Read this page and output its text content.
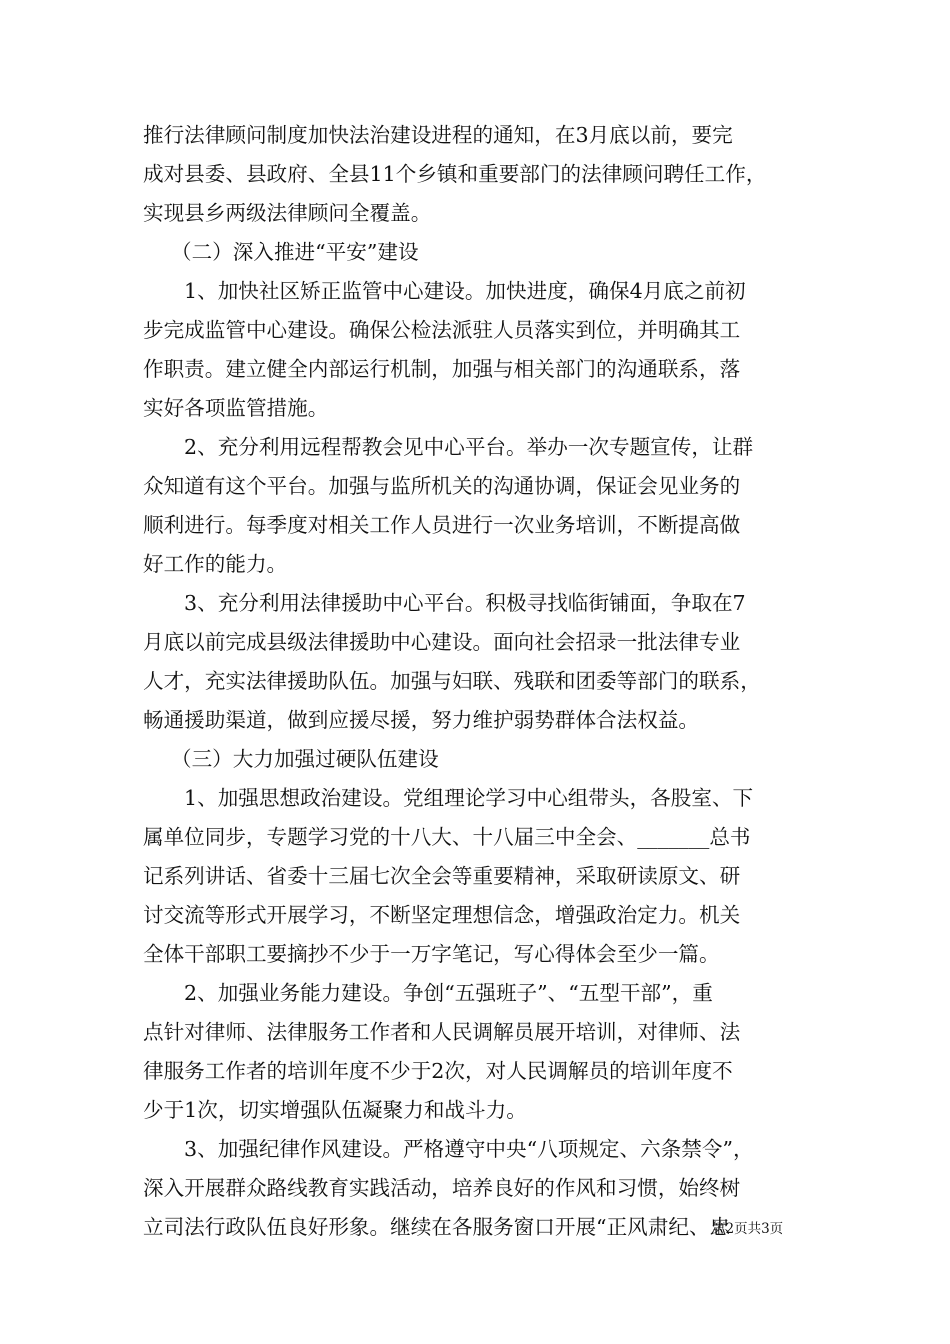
推行法律顾问制度加快法治建设进程的通知，在3月底以前，要完
成对县委、县政府、全县11个乡镇和重要部门的法律顾问聘任工作，
实现县乡两级法律顾问全覆盖。
（二）深入推进“平安”建设
1、加快社区矫正监管中心建设。加快进度，确保4月底之前初
步完成监管中心建设。确保公检法派驻人员落实到位，并明确其工
作职责。建立健全内部运行机制，加强与相关部门的沟通联系，落
实好各项监管措施。
2、充分利用远程帮教会见中心平台。举办一次专题宣传，让群
众知道有这个平台。加强与监所机关的沟通协调，保证会见业务的
顺利进行。每季度对相关工作人员进行一次业务培训，不断提高做
好工作的能力。
3、充分利用法律援助中心平台。积极寻找临街铺面，争取在7
月底以前完成县级法律援助中心建设。面向社会招录一批法律专业
人才，充实法律援助队伍。加强与妇联、残联和团委等部门的联系，
畅通援助渠道，做到应援尽援，努力维护弱势群体合法权益。
（三）大力加强过硬队伍建设
1、加强思想政治建设。党组理论学习中心组带头，各股室、下
属单位同步，专题学习党的十八大、十八届三中全会、_______总书
记系列讲话、省委十三届七次全会等重要精神，采取研读原文、研
讨交流等形式开展学习，不断坚定理想信念，增强政治定力。机关
全体干部职工要摘抄不少于一万字笔记，写心得体会至少一篇。
2、加强业务能力建设。争创“五强班子”、“五型干部”，重
点针对律师、法律服务工作者和人民调解员展开培训，对律师、法
律服务工作者的培训年度不少于2次，对人民调解员的培训年度不
少于1次，切实增强队伍凝聚力和战斗力。
3、加强纪律作风建设。严格遵守中央“八项规定、六条禁令”，
深入开展群众路线教育实践活动，培养良好的作风和习惯，始终树
立司法行政队伍良好形象。继续在各服务窗口开展“正风肃纪、忠
第2页共3页
